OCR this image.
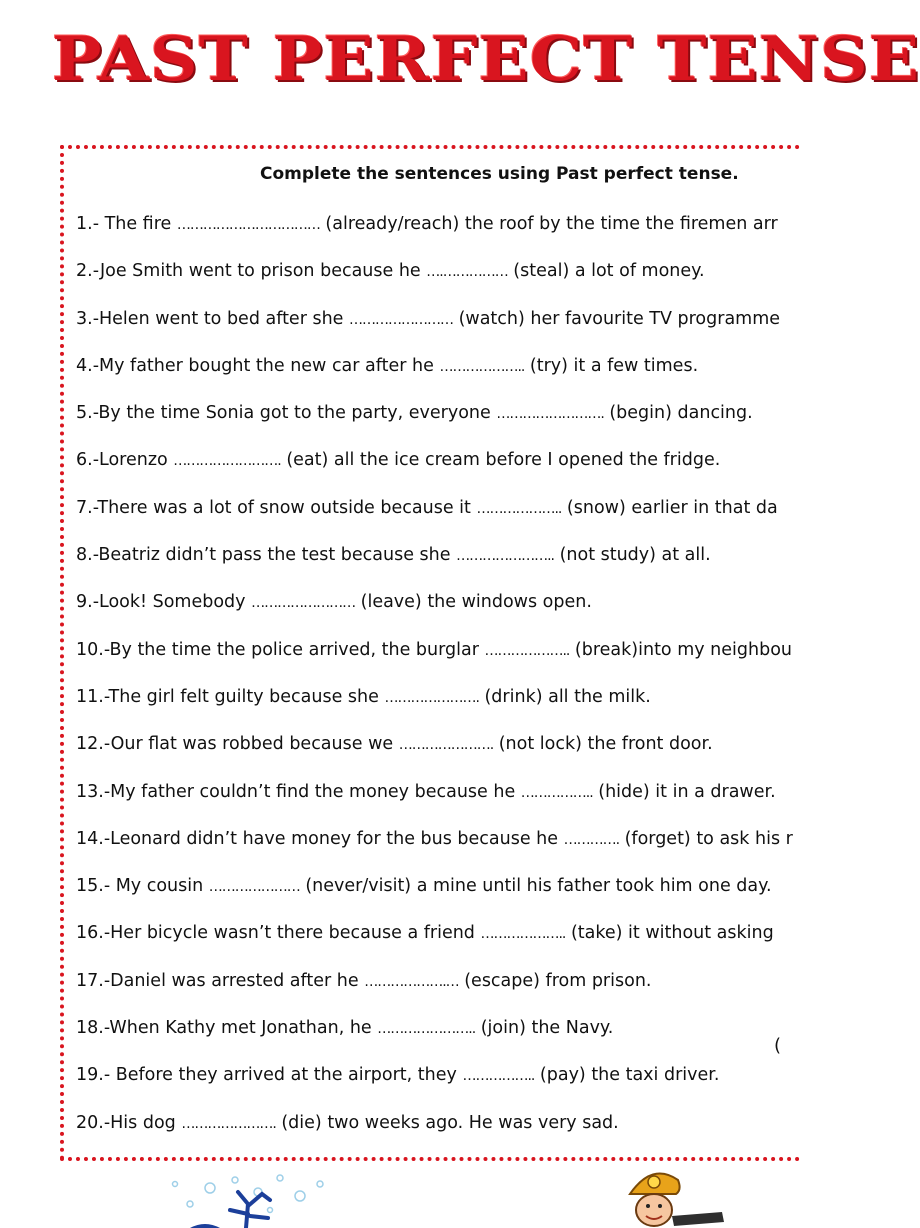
PAST PERFECT TENSE

Complete the sentences using Past perfect tense.

1.- The fire …………………………… (already/reach) the roof by the time the firemen arr
2.-Joe Smith went to prison because he ….…………… (steal) a lot of money.
3.-Helen went to bed after she …………………… (watch) her favourite TV programme
4.-My father bought the new car after he ……………….. (try) it a few times.
5.-By the time Sonia got to the party, everyone ……………………. (begin) dancing.
6.-Lorenzo ……………………. (eat) all the ice cream before I opened the fridge.
7.-There was a lot of snow outside because it ……………….. (snow) earlier in that da
8.-Beatriz didn’t pass the test because she ………………….. (not study) at all.
9.-Look! Somebody …………………… (leave) the windows open.
10.-By the time the police arrived, the burglar ……………….. (break)into my neighbou
11.-The girl felt guilty because she …………………. (drink) all the milk.
12.-Our flat was robbed because we …………………. (not lock) the front door.
13.-My father couldn’t find the money because he …………….. (hide) it in a drawer.
14.-Leonard didn’t have money for the bus because he …………. (forget) to ask his r
15.- My cousin ………………… (never/visit) a mine until his father took him one day.
16.-Her bicycle wasn’t there because a friend ……………….. (take) it without asking
17.-Daniel was arrested after he ……………….… (escape) from prison.
18.-When Kathy met Jonathan, he ………………….. (join) the Navy.
19.- Before they arrived at the airport, they …………….. (pay) the taxi driver.
20.-His dog …………………. (die) two weeks ago. He was very sad.
(
